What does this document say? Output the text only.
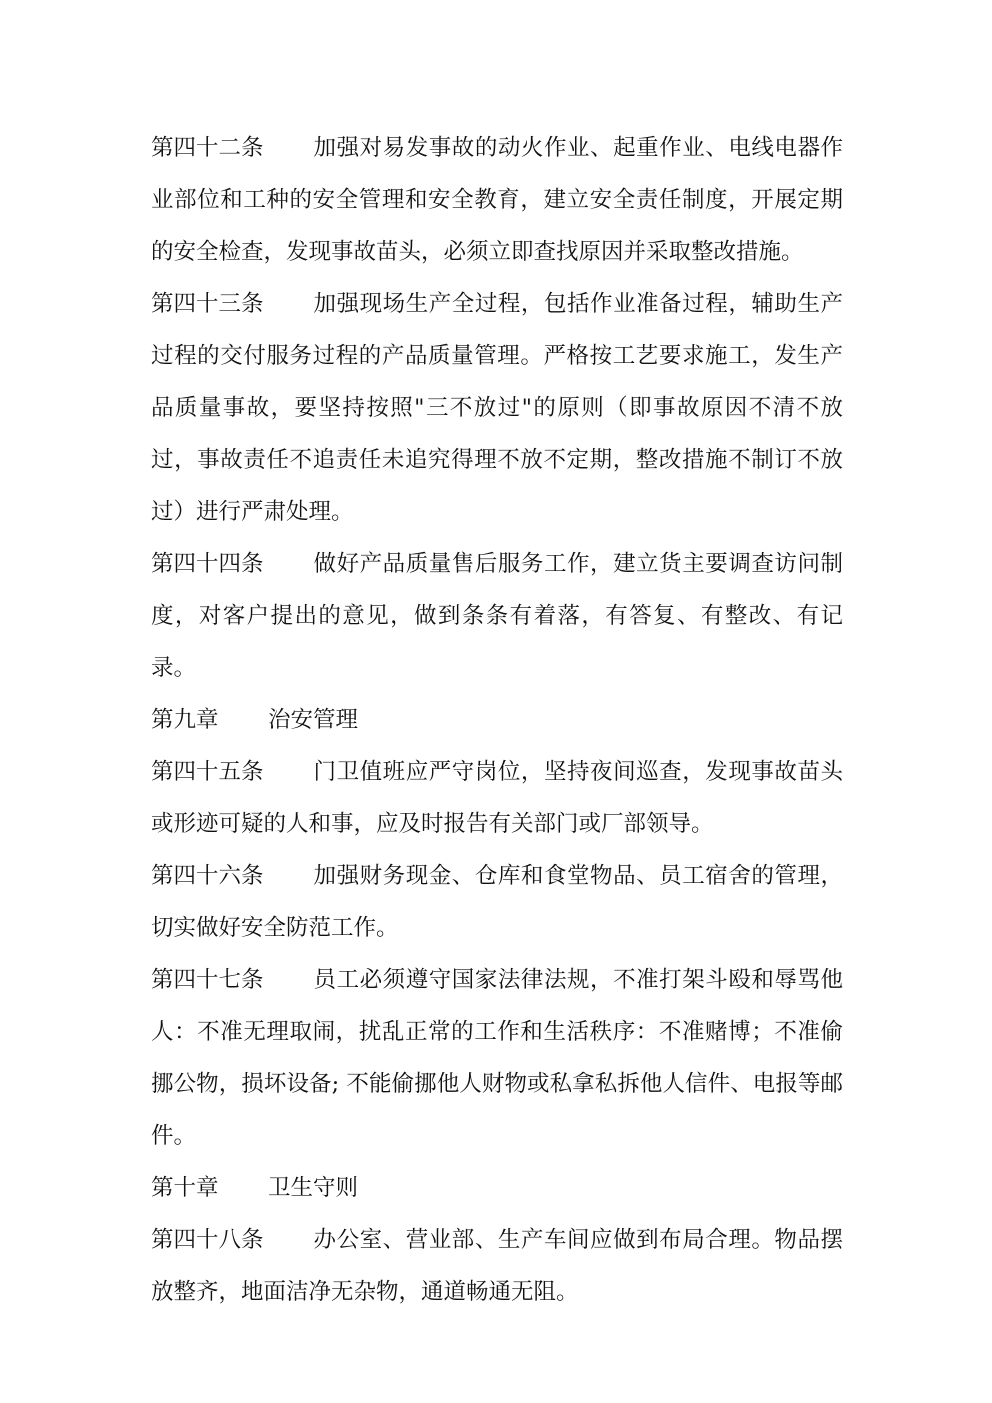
第四十二条 加强对易发事故的动火作业、起重作业、电线电器作业部位和工种的安全管理和安全教育，建立安全责任制度，开展定期的安全检查，发现事故苗头，必须立即查找原因并采取整改措施。

第四十三条 加强现场生产全过程，包括作业准备过程，辅助生产过程的交付服务过程的产品质量管理。严格按工艺要求施工，发生产品质量事故，要坚持按照"三不放过"的原则（即事故原因不清不放过，事故责任不追责任未追究得理不放不定期，整改措施不制订不放过）进行严肃处理。

第四十四条 做好产品质量售后服务工作，建立货主要调查访问制度，对客户提出的意见，做到条条有着落，有答复、有整改、有记录。

第九章 治安管理

第四十五条 门卫值班应严守岗位，坚持夜间巡查，发现事故苗头或形迹可疑的人和事，应及时报告有关部门或厂部领导。

第四十六条 加强财务现金、仓库和食堂物品、员工宿舍的管理，切实做好安全防范工作。

第四十七条 员工必须遵守国家法律法规，不准打架斗殴和辱骂他人：不准无理取闹，扰乱正常的工作和生活秩序：不准赌博；不准偷挪公物，损坏设备; 不能偷挪他人财物或私拿私拆他人信件、电报等邮件。

第十章 卫生守则

第四十八条 办公室、营业部、生产车间应做到布局合理。物品摆放整齐，地面洁净无杂物，通道畅通无阻。
